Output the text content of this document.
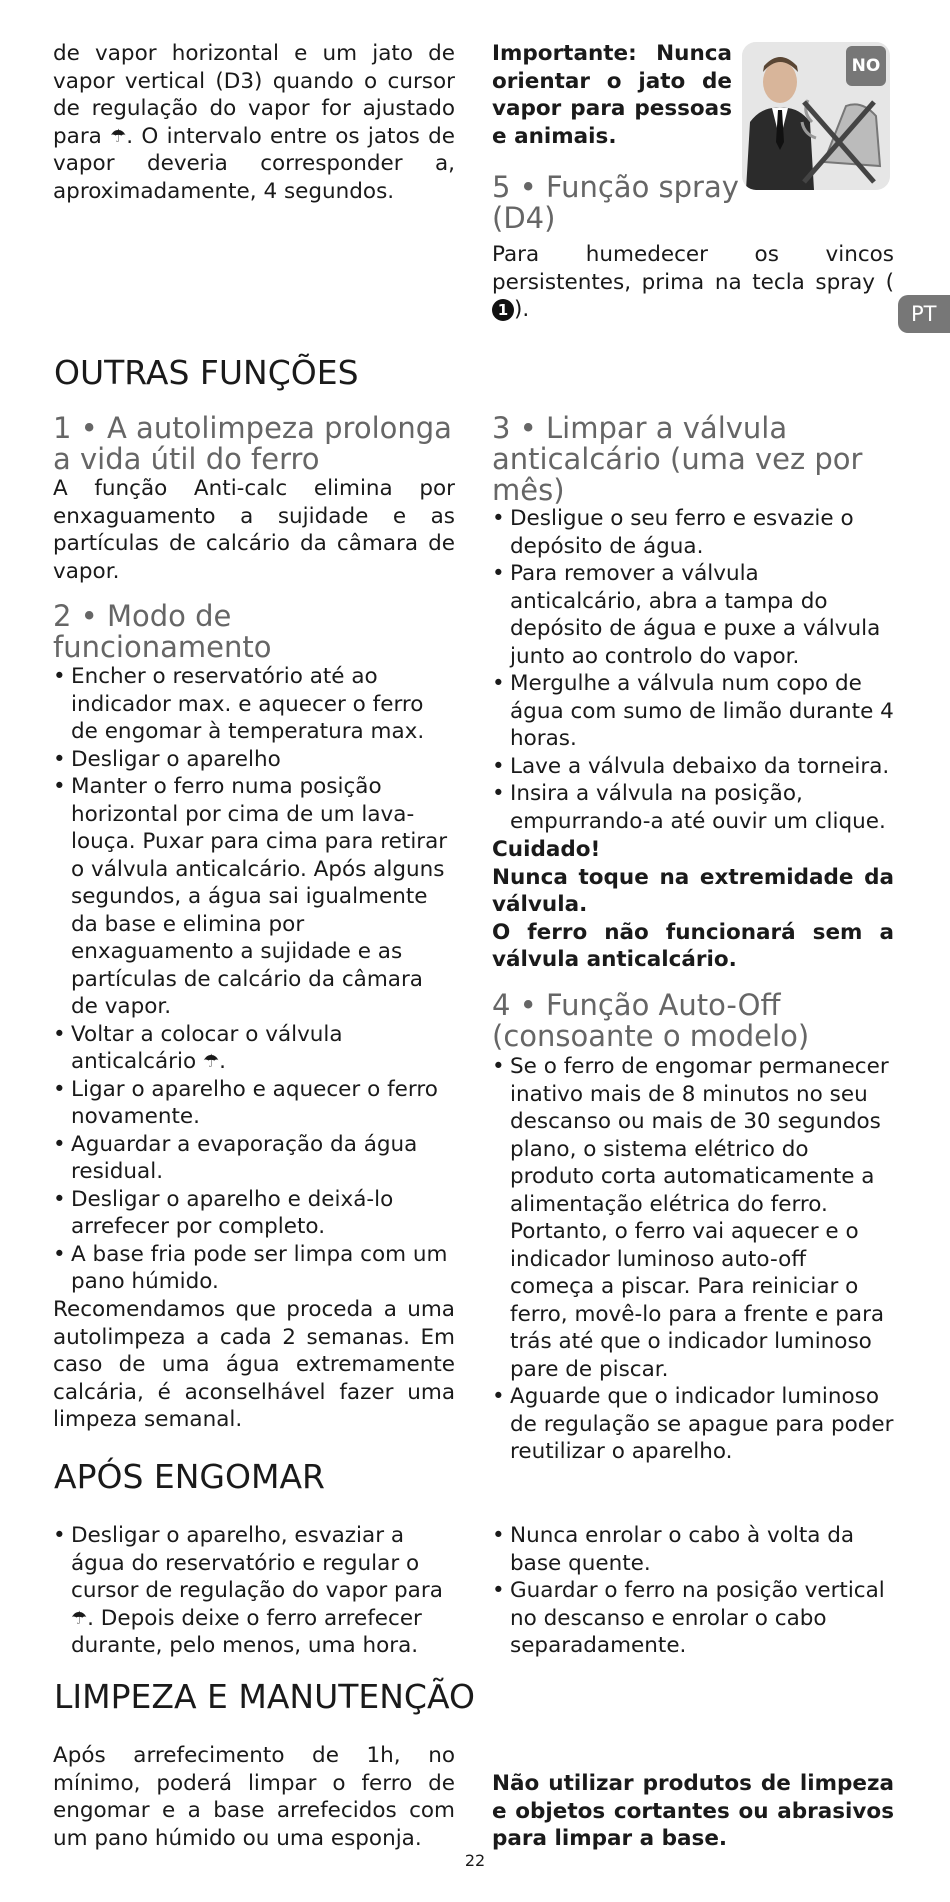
de vapor horizontal e um jato de vapor vertical (D3) quando o cursor de regulação do vapor for ajustado para ☂. O intervalo entre os jatos de vapor deveria corresponder a, aproximadamente, 4 segundos.
Importante: Nunca orientar o jato de vapor para pessoas e animais.
NO
5 • Função spray (D4)
Para humedecer os vincos persistentes, prima na tecla spray (1 ).	PT
OUTRAS FUNÇÕES
1 • A autolimpeza prolonga a vida útil do ferro
A função Anti-calc elimina por enxaguamento a sujidade e as partículas de calcário da câmara de vapor.
2 • Modo de funcionamento
• Encher o reservatório até ao indicador max. e aquecer o ferro de engomar à temperatura max.
• Desligar o aparelho
• Manter o ferro numa posição horizontal por cima de um lava-louça. Puxar para cima para retirar o válvula anticalcário. Após alguns segundos, a água sai igualmente da base e elimina por enxaguamento a sujidade e as partículas de calcário da câmara de vapor.
• Voltar a colocar o válvula anticalcário ☂.
• Ligar o aparelho e aquecer o ferro novamente.
• Aguardar a evaporação da água residual.
• Desligar o aparelho e deixá-lo arrefecer por completo.
• A base fria pode ser limpa com um pano húmido.
Recomendamos que proceda a uma autolimpeza a cada 2 semanas. Em caso de uma água extremamente calcária, é aconselhável fazer uma limpeza semanal.
3 • Limpar a válvula anticalcário (uma vez por mês)
• Desligue o seu ferro e esvazie o depósito de água.
• Para remover a válvula anticalcário, abra a tampa do depósito de água e puxe a válvula junto ao controlo do vapor.
• Mergulhe a válvula num copo de água com sumo de limão durante 4 horas.
• Lave a válvula debaixo da torneira.
• Insira a válvula na posição, empurrando-a até ouvir um clique.
Cuidado!
Nunca toque na extremidade da válvula.
O ferro não funcionará sem a válvula anticalcário.
4 • Função Auto-Off (consoante o modelo)
• Se o ferro de engomar permanecer inativo mais de 8 minutos no seu descanso ou mais de 30 segundos plano, o sistema elétrico do produto corta automaticamente a alimentação elétrica do ferro. Portanto, o ferro vai aquecer e o indicador luminoso auto-off começa a piscar. Para reiniciar o ferro, movê-lo para a frente e para trás até que o indicador luminoso pare de piscar.
• Aguarde que o indicador luminoso de regulação se apague para poder reutilizar o aparelho.
APÓS ENGOMAR
• Desligar o aparelho, esvaziar a água do reservatório e regular o cursor de regulação do vapor para ☂. Depois deixe o ferro arrefecer durante, pelo menos, uma hora.
• Nunca enrolar o cabo à volta da base quente.
• Guardar o ferro na posição vertical no descanso e enrolar o cabo separadamente.
LIMPEZA E MANUTENÇÃO
Após arrefecimento de 1h, no mínimo, poderá limpar o ferro de engomar e a base arrefecidos com um pano húmido ou uma esponja.
Não utilizar produtos de limpeza e objetos cortantes ou abrasivos para limpar a base.
22
